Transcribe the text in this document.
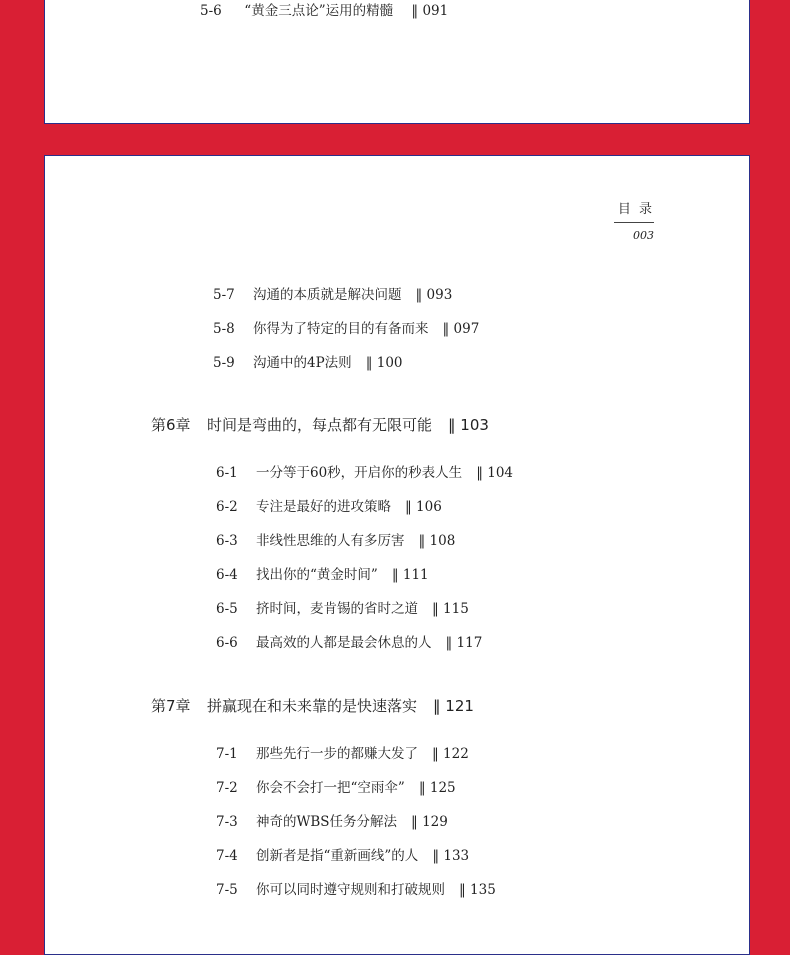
5-6 “黄金三点论”运用的精髓 ‖ 091
目 录
003
5-7 沟通的本质就是解决问题 ‖ 093
5-8 你得为了特定的目的有备而来 ‖ 097
5-9 沟通中的4P法则 ‖ 100
第6章 时间是弯曲的，每点都有无限可能 ‖ 103
6-1 一分等于60秒，开启你的秒表人生 ‖ 104
6-2 专注是最好的进攻策略 ‖ 106
6-3 非线性思维的人有多厉害 ‖ 108
6-4 找出你的“黄金时间” ‖ 111
6-5 挤时间，麦肯锡的省时之道 ‖ 115
6-6 最高效的人都是最会休息的人 ‖ 117
第7章 拼赢现在和未来靠的是快速落实 ‖ 121
7-1 那些先行一步的都赚大发了 ‖ 122
7-2 你会不会打一把“空雨伞” ‖ 125
7-3 神奇的WBS任务分解法 ‖ 129
7-4 创新者是指“重新画线”的人 ‖ 133
7-5 你可以同时遵守规则和打破规则 ‖ 135
